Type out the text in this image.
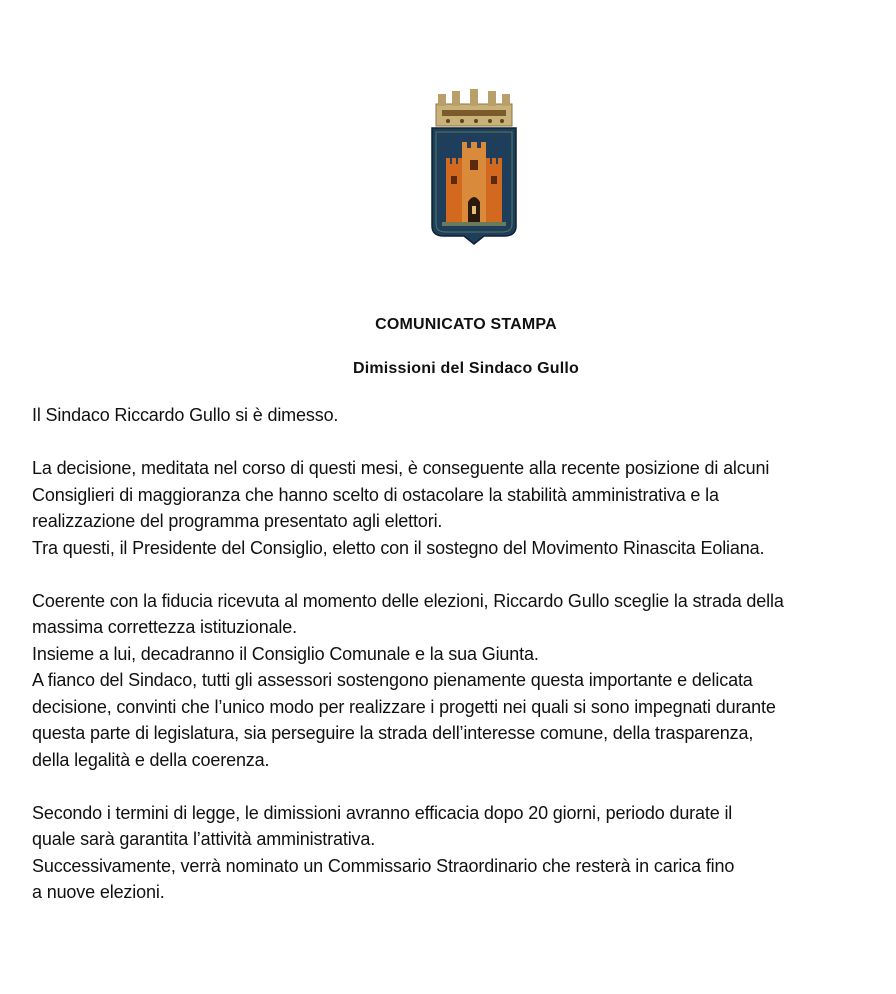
COMUNICATO STAMPA
Dimissioni del Sindaco Gullo

Il Sindaco Riccardo Gullo si è dimesso.

La decisione, meditata nel corso di questi mesi, è conseguente alla recente posizione di alcuni

Consiglieri di maggioranza che hanno scelto di ostacolare la stabilità amministrativa e la

realizzazione del programma presentato agli elettori.

Tra questi, il Presidente del Consiglio, eletto con il sostegno del Movimento Rinascita Eoliana.

Coerente con la fiducia ricevuta al momento delle elezioni, Riccardo Gullo sceglie la strada della

massima correttezza istituzionale.

Insieme a lui, decadranno il Consiglio Comunale e la sua Giunta.

A fianco del Sindaco, tutti gli assessori sostengono pienamente questa importante e delicata

decisione, convinti che l’unico modo per realizzare i progetti nei quali si sono impegnati durante

questa parte di legislatura, sia perseguire la strada dell’interesse comune, della trasparenza,

della legalità e della coerenza.

Secondo i termini di legge, le dimissioni avranno efficacia dopo 20 giorni, periodo durate il

quale sarà garantita l’attività amministrativa.

Successivamente, verrà nominato un Commissario Straordinario che resterà in carica fino

a nuove elezioni.
